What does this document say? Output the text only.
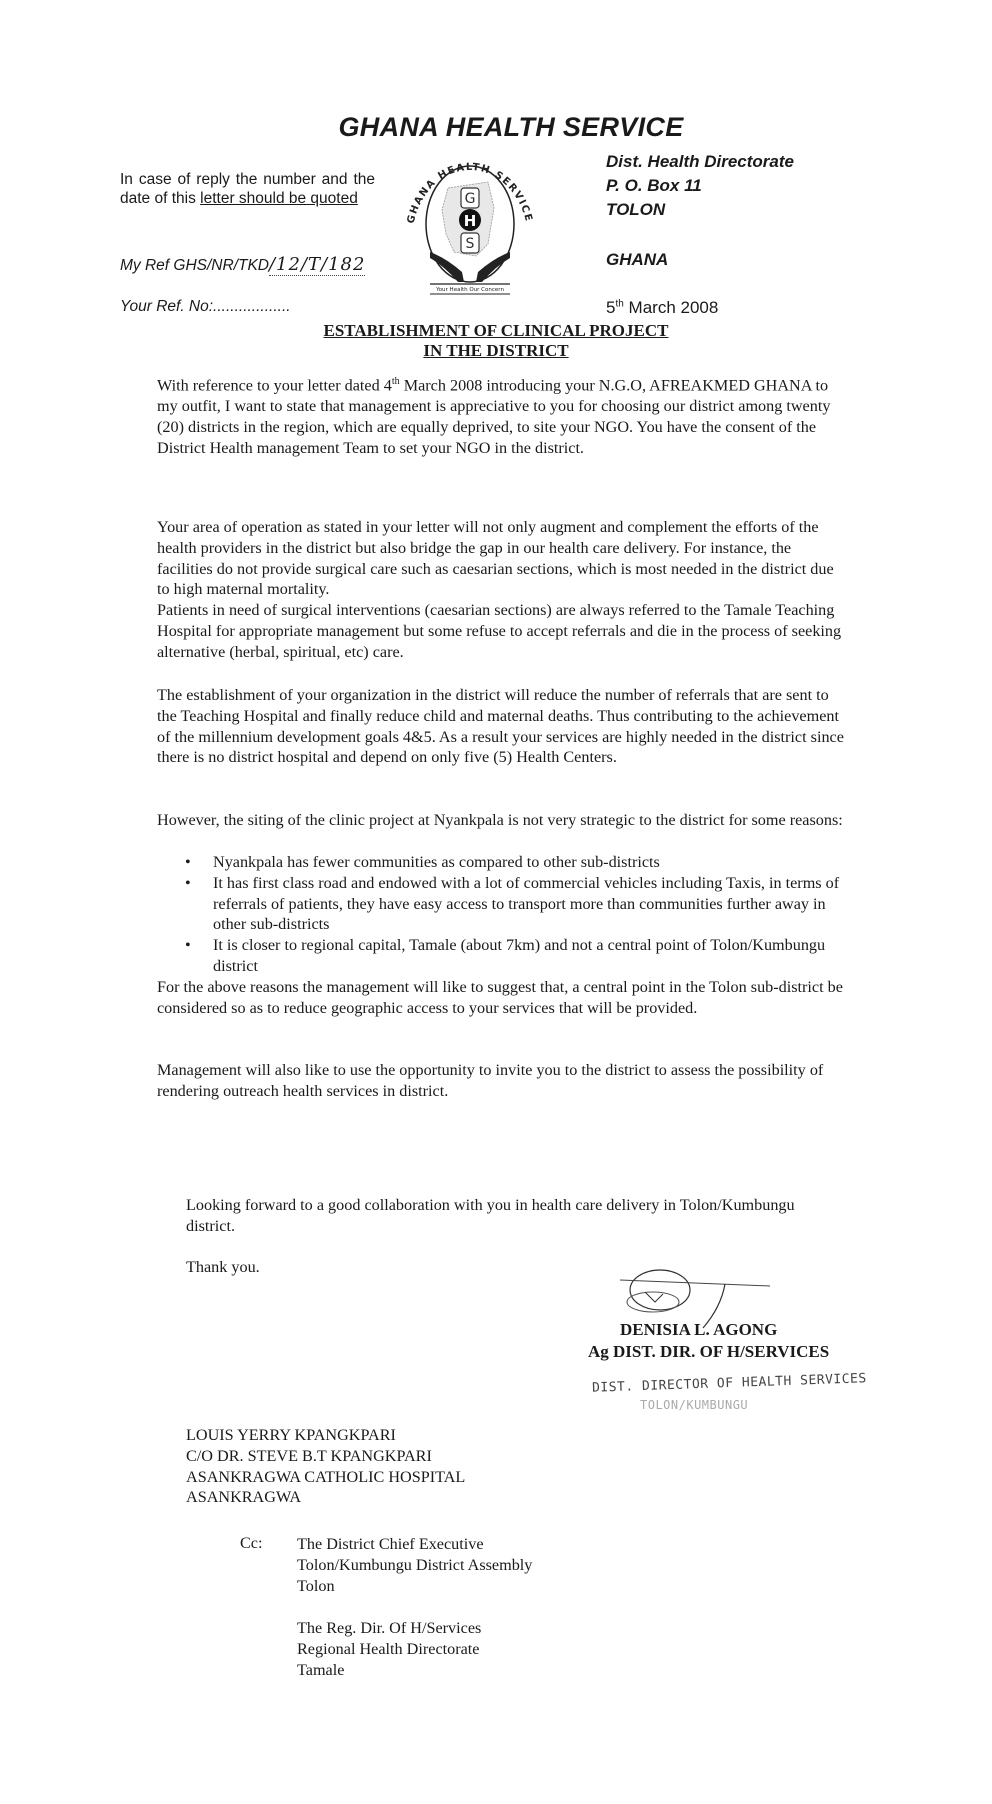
GHANA HEALTH SERVICE
In case of reply the number and the date of this letter should be quoted
My Ref GHS/NR/TKD/12/T/182
Your Ref. No:..................
GHANA HEALTH SERVICE
G
H
S
Your Health Our Concern
Dist. Health Directorate
P. O. Box 11
TOLON
GHANA
5th March 2008
ESTABLISHMENT OF CLINICAL PROJECT
IN THE DISTRICT
With reference to your letter dated 4th March 2008 introducing your N.G.O, AFREAKMED GHANA to my outfit, I want to state that management is appreciative to you for choosing our district among twenty (20) districts in the region, which are equally deprived, to site your NGO. You have the consent of the District Health management Team to set your NGO in the district.
Your area of operation as stated in your letter will not only augment and complement the efforts of the health providers in the district but also bridge the gap in our health care delivery. For instance, the facilities do not provide surgical care such as caesarian sections, which is most needed in the district due to high maternal mortality.
Patients in need of surgical interventions (caesarian sections) are always referred to the Tamale Teaching Hospital for appropriate management but some refuse to accept referrals and die in the process of seeking alternative (herbal, spiritual, etc) care.
The establishment of your organization in the district will reduce the number of referrals that are sent to the Teaching Hospital and finally reduce child and maternal deaths. Thus contributing to the achievement of the millennium development goals 4&5. As a result your services are highly needed in the district since there is no district hospital and depend on only five (5) Health Centers.
However, the siting of the clinic project at Nyankpala is not very strategic to the district for some reasons:
• Nyankpala has fewer communities as compared to other sub-districts
• It has first class road and endowed with a lot of commercial vehicles including Taxis, in terms of referrals of patients, they have easy access to transport more than communities further away in other sub-districts
• It is closer to regional capital, Tamale (about 7km) and not a central point of Tolon/Kumbungu district
For the above reasons the management will like to suggest that, a central point in the Tolon sub-district be considered so as to reduce geographic access to your services that will be provided.
Management will also like to use the opportunity to invite you to the district to assess the possibility of rendering outreach health services in district.
Looking forward to a good collaboration with you in health care delivery in Tolon/Kumbungu district.
Thank you.
DENISIA L. AGONG
Ag DIST. DIR. OF H/SERVICES
DIST. DIRECTOR OF HEALTH SERVICES
TOLON/KUMBUNGU
LOUIS YERRY KPANGKPARI
C/O DR. STEVE B.T KPANGKPARI
ASANKRAGWA CATHOLIC HOSPITAL
ASANKRAGWA
Cc: The District Chief Executive
Tolon/Kumbungu District Assembly
Tolon
The Reg. Dir. Of H/Services
Regional Health Directorate
Tamale
